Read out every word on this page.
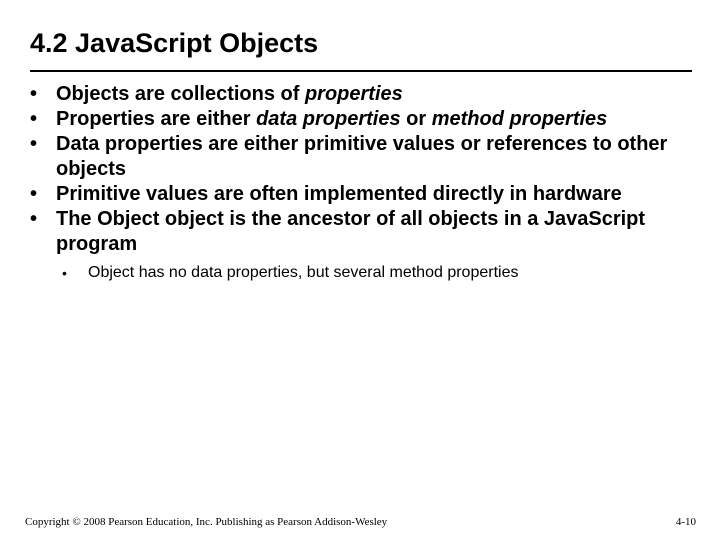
4.2 JavaScript Objects
• Objects are collections of properties
• Properties are either data properties or method properties
• Data properties are either primitive values or references to other objects
• Primitive values are often implemented directly in hardware
• The Object object is the ancestor of all objects in a JavaScript program
•	Object has no data properties, but several method properties
Copyright © 2008 Pearson Education, Inc. Publishing as Pearson Addison-Wesley	4-10
